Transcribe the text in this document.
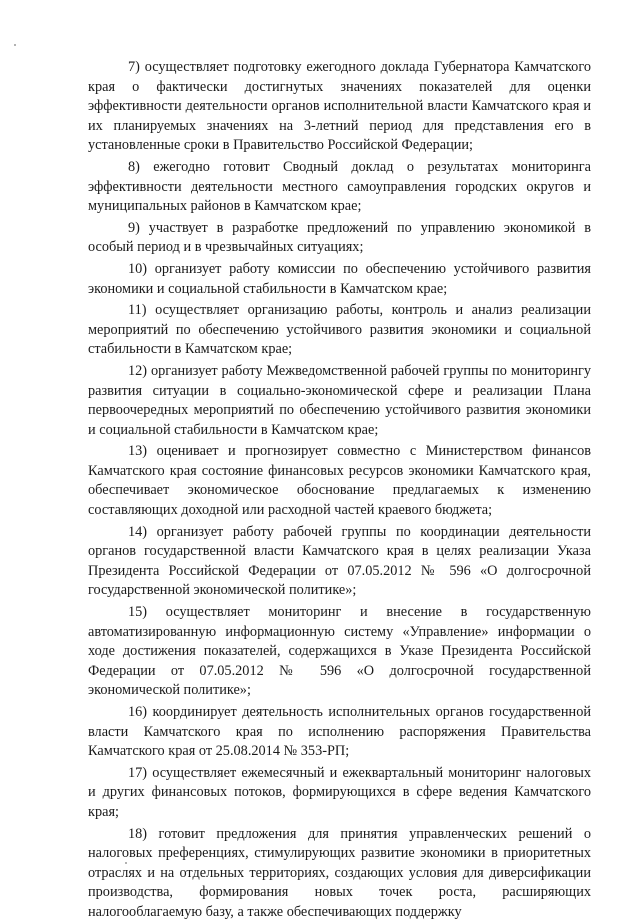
7) осуществляет подготовку ежегодного доклада Губернатора Камчатского края о фактически достигнутых значениях показателей для оценки эффективности деятельности органов исполнительной власти Камчатского края и их планируемых значениях на 3-летний период для представления его в установленные сроки в Правительство Российской Федерации;

8) ежегодно готовит Сводный доклад о результатах мониторинга эффективности деятельности местного самоуправления городских округов и муниципальных районов в Камчатском крае;

9) участвует в разработке предложений по управлению экономикой в особый период и в чрезвычайных ситуациях;

10) организует работу комиссии по обеспечению устойчивого развития экономики и социальной стабильности в Камчатском крае;

11) осуществляет организацию работы, контроль и анализ реализации мероприятий по обеспечению устойчивого развития экономики и социальной стабильности в Камчатском крае;

12) организует работу Межведомственной рабочей группы по мониторингу развития ситуации в социально-экономической сфере и реализации Плана первоочередных мероприятий по обеспечению устойчивого развития экономики и социальной стабильности в Камчатском крае;

13) оценивает и прогнозирует совместно с Министерством финансов Камчатского края состояние финансовых ресурсов экономики Камчатского края, обеспечивает экономическое обоснование предлагаемых к изменению составляющих доходной или расходной частей краевого бюджета;

14) организует работу рабочей группы по координации деятельности органов государственной власти Камчатского края в целях реализации Указа Президента Российской Федерации от 07.05.2012 № 596 «О долгосрочной государственной экономической политике»;

15) осуществляет мониторинг и внесение в государственную автоматизированную информационную систему «Управление» информации о ходе достижения показателей, содержащихся в Указе Президента Российской Федерации от 07.05.2012 № 596 «О долгосрочной государственной экономической политике»;

16) координирует деятельность исполнительных органов государственной власти Камчатского края по исполнению распоряжения Правительства Камчатского края от 25.08.2014 № 353-РП;

17) осуществляет ежемесячный и ежеквартальный мониторинг налоговых и других финансовых потоков, формирующихся в сфере ведения Камчатского края;

18) готовит предложения для принятия управленческих решений о налоговых преференциях, стимулирующих развитие экономики в приоритетных отраслях и на отдельных территориях, создающих условия для диверсификации производства, формирования новых точек роста, расширяющих налогооблагаемую базу, а также обеспечивающих поддержку
